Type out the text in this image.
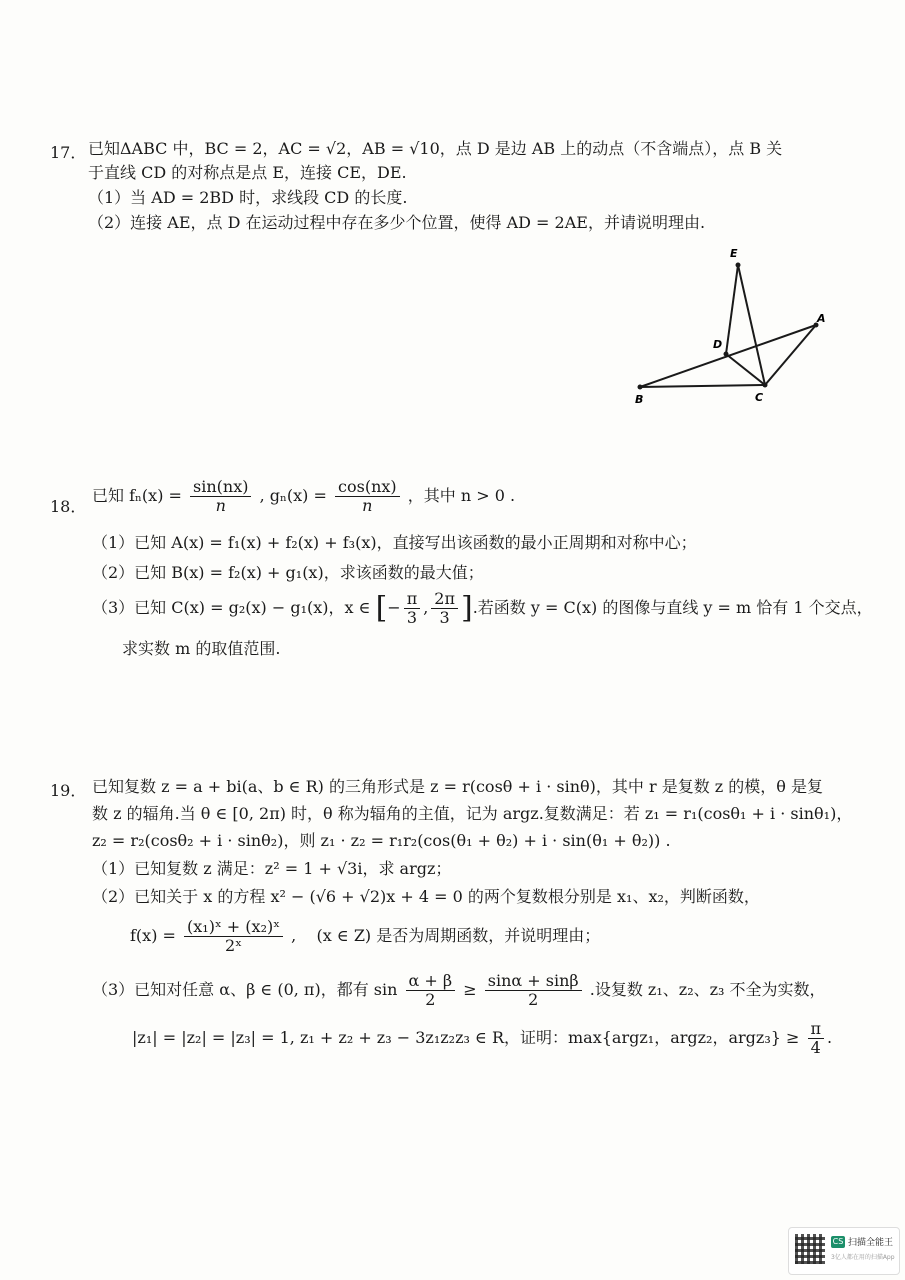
17． 已知ΔABC 中，BC = 2，AC = √2，AB = √10，点 D 是边 AB 上的动点（不含端点），点 B 关
于直线 CD 的对称点是点 E，连接 CE，DE.
（1）当 AD = 2BD 时，求线段 CD 的长度.
（2）连接 AE，点 D 在运动过程中存在多少个位置，使得 AD = 2AE，并请说明理由.
E
A
D
B	C
18．
已知 $f_n(x) = \frac{\sin(nx)}{n}$ , $g_n(x) = \frac{\cos(nx)}{n}$ ，其中 n > 0 .
（1）已知 A(x) = f₁(x) + f₂(x) + f₃(x)，直接写出该函数的最小正周期和对称中心；
（2）已知 B(x) = f₂(x) + g₁(x)，求该函数的最大值；
（3）已知 C(x) = g₂(x) − g₁(x)，x ∈ [− $\frac{\pi}{3}$ , $\frac{2\pi}{3}$ ].若函数 y = C(x) 的图像与直线 y = m 恰有 1 个交点，
求实数 m 的取值范围.
19． 已知复数 z = a + bi(a、b ∈ R) 的三角形式是 z = r(cosθ + i · sinθ)，其中 r 是复数 z 的模，θ 是复
数 z 的辐角.当 θ ∈ [0, 2π) 时，θ 称为辐角的主值，记为 argz.复数满足：若 z₁ = r₁(cosθ₁ + i · sinθ₁)，
z₂ = r₂(cosθ₂ + i · sinθ₂)，则 z₁ · z₂ = r₁r₂(cos(θ₁ + θ₂) + i · sin(θ₁ + θ₂)) .
（1）已知复数 z 满足：z² = 1 + √3i，求 argz；
（2）已知关于 x 的方程 x² − (√6 + √2)x + 4 = 0 的两个复数根分别是 x₁、x₂，判断函数，
$f(x) = \frac{\text{(x₁)ˣ + (x₂)ˣ}}{\text{2ˣ}}$ , (x ∈ Z) 是否为周期函数，并说明理由；
（3）已知对任意 α、β ∈ (0, π)，都有 $\sin \frac{\alpha + \beta}{2} \ge \frac{\sin\alpha + \sin\beta}{2}$ .设复数 z₁、z₂、z₃ 不全为实数，
|z₁| = |z₂| = |z₃| = 1, z₁ + z₂ + z₃ − 3z₁z₂z₃ ∈ R，证明：max{argz₁，argz₂，argz₃} ≥ $\frac{\pi}{4}$ .
CS 扫描全能王
3亿人都在用的扫描App
